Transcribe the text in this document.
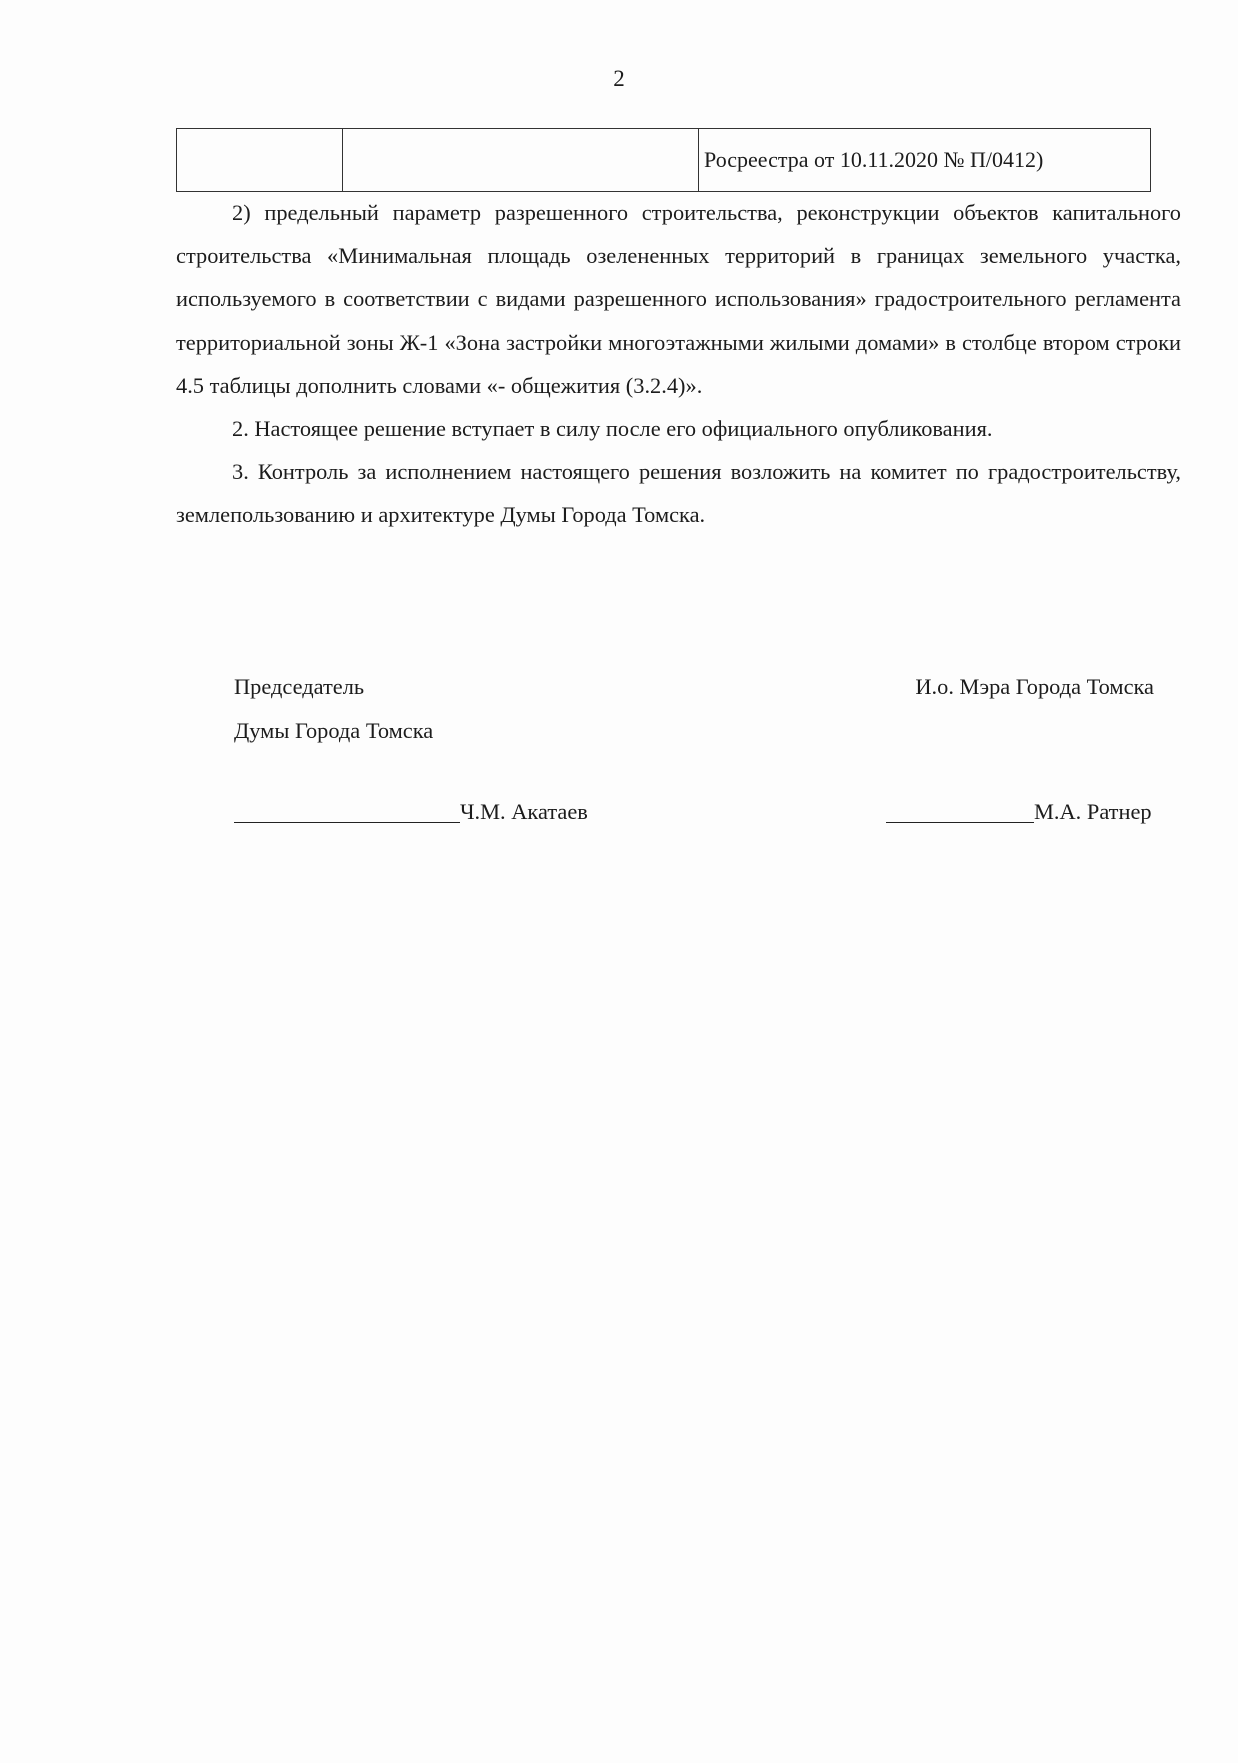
2
		Росреестра от 10.11.2020 № П/0412)

2) предельный параметр разрешенного строительства, реконструкции объектов капитального строительства «Минимальная площадь озелененных территорий в границах земельного участка, используемого в соответствии с видами разрешенного использования» градостроительного регламента территориальной зоны Ж-1 «Зона застройки многоэтажными жилыми домами» в столбце втором строки 4.5 таблицы дополнить словами «- общежития (3.2.4)».

2. Настоящее решение вступает в силу после его официального опубликования.

3. Контроль за исполнением настоящего решения возложить на комитет по градостроительству, землепользованию и архитектуре Думы Города Томска.

Председатель
Думы Города Томска
И.о. Мэра Города Томска
Ч.М. Акатаев	М.А. Ратнер
